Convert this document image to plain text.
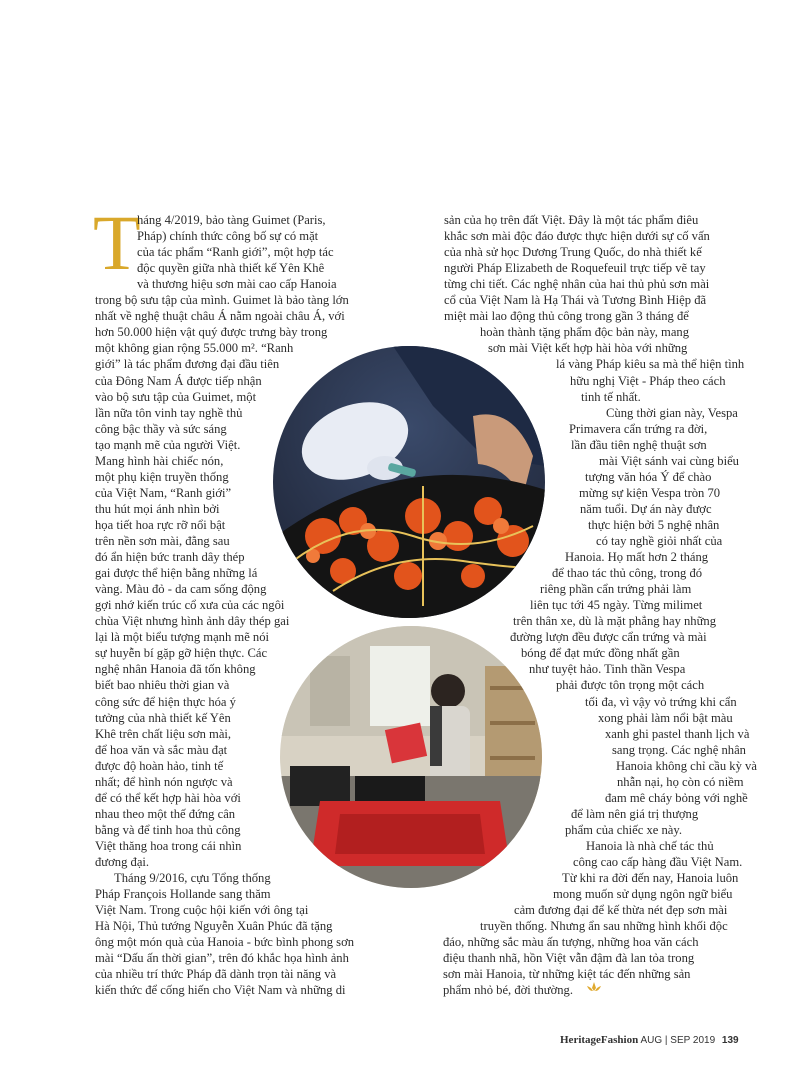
T
háng 4/2019, bảo tàng Guimet (Paris,
Pháp) chính thức công bố sự có mặt
của tác phẩm “Ranh giới”, một hợp tác
độc quyền giữa nhà thiết kế Yên Khê
và thương hiệu sơn mài cao cấp Hanoia
trong bộ sưu tập của mình. Guimet là bảo tàng lớn
nhất về nghệ thuật châu Á nằm ngoài châu Á, với
hơn 50.000 hiện vật quý được trưng bày trong
một không gian rộng 55.000 m². “Ranh
giới” là tác phẩm đương đại đầu tiên
của Đông Nam Á được tiếp nhận
vào bộ sưu tập của Guimet, một
lần nữa tôn vinh tay nghề thủ
công bậc thầy và sức sáng
tạo mạnh mẽ của người Việt.
Mang hình hài chiếc nón,
một phụ kiện truyền thống
của Việt Nam, “Ranh giới”
thu hút mọi ánh nhìn bởi
họa tiết hoa rực rỡ nổi bật
trên nền sơn mài, đằng sau
đó ẩn hiện bức tranh dây thép
gai được thể hiện bằng những lá
vàng. Màu đỏ - da cam sống động
gợi nhớ kiến trúc cổ xưa của các ngôi
chùa Việt nhưng hình ảnh dây thép gai
lại là một biểu tượng mạnh mẽ nói
sự huyễn bí gặp gỡ hiện thực. Các
nghệ nhân Hanoia đã tốn không
biết bao nhiêu thời gian và
công sức để hiện thực hóa ý
tưởng của nhà thiết kế Yên
Khê trên chất liệu sơn mài,
để hoa văn và sắc màu đạt
được độ hoàn hảo, tinh tế
nhất; để hình nón ngược và
để có thể kết hợp hài hòa với
nhau theo một thế đứng cân
bằng và để tinh hoa thủ công
Việt thăng hoa trong cái nhìn
đương đại.
Tháng 9/2016, cựu Tổng thống
Pháp François Hollande sang thăm
Việt Nam. Trong cuộc hội kiến với ông tại
Hà Nội, Thủ tướng Nguyễn Xuân Phúc đã tặng
ông một món quà của Hanoia - bức bình phong sơn
mài “Dấu ấn thời gian”, trên đó khắc họa hình ảnh
của nhiều trí thức Pháp đã dành trọn tài năng và
kiến thức để cống hiến cho Việt Nam và những di
sản của họ trên đất Việt. Đây là một tác phẩm điêu
khắc sơn mài độc đáo được thực hiện dưới sự cố vấn
của nhà sử học Dương Trung Quốc, do nhà thiết kế
người Pháp Elizabeth de Roquefeuil trực tiếp vẽ tay
từng chi tiết. Các nghệ nhân của hai thủ phủ sơn mài
cổ của Việt Nam là Hạ Thái và Tương Bình Hiệp đã
miệt mài lao động thủ công trong gần 3 tháng để
hoàn thành tặng phẩm độc bản này, mang
sơn mài Việt kết hợp hài hòa với những
lá vàng Pháp kiêu sa mà thể hiện tình
hữu nghị Việt - Pháp theo cách
tinh tế nhất.
Cùng thời gian này, Vespa
Primavera cẩn trứng ra đời,
lần đầu tiên nghệ thuật sơn
mài Việt sánh vai cùng biểu
tượng văn hóa Ý để chào
mừng sự kiện Vespa tròn 70
năm tuổi. Dự án này được
thực hiện bởi 5 nghệ nhân
có tay nghề giỏi nhất của
Hanoia. Họ mất hơn 2 tháng
để thao tác thủ công, trong đó
riêng phần cẩn trứng phải làm
liên tục tới 45 ngày. Từng milimet
trên thân xe, dù là mặt phẳng hay những
đường lượn đều được cẩn trứng và mài
bóng để đạt mức đồng nhất gần
như tuyệt hảo. Tinh thần Vespa
phải được tôn trọng một cách
tối đa, vì vậy vỏ trứng khi cẩn
xong phải làm nổi bật màu
xanh ghi pastel thanh lịch và
sang trọng. Các nghệ nhân
Hanoia không chỉ cầu kỳ và
nhẫn nại, họ còn có niềm
đam mê cháy bỏng với nghề
để làm nên giá trị thượng
phẩm của chiếc xe này.
Hanoia là nhà chế tác thủ
công cao cấp hàng đầu Việt Nam.
Từ khi ra đời đến nay, Hanoia luôn
mong muốn sử dụng ngôn ngữ biểu
cảm đương đại để kế thừa nét đẹp sơn mài
truyền thống. Nhưng ẩn sau những hình khối độc
đáo, những sắc màu ấn tượng, những hoa văn cách
điệu thanh nhã, hồn Việt vẫn đậm đà lan tỏa trong
sơn mài Hanoia, từ những kiệt tác đến những sản
phẩm nhỏ bé, đời thường.
HeritageFashion AUG | SEP 2019 139
